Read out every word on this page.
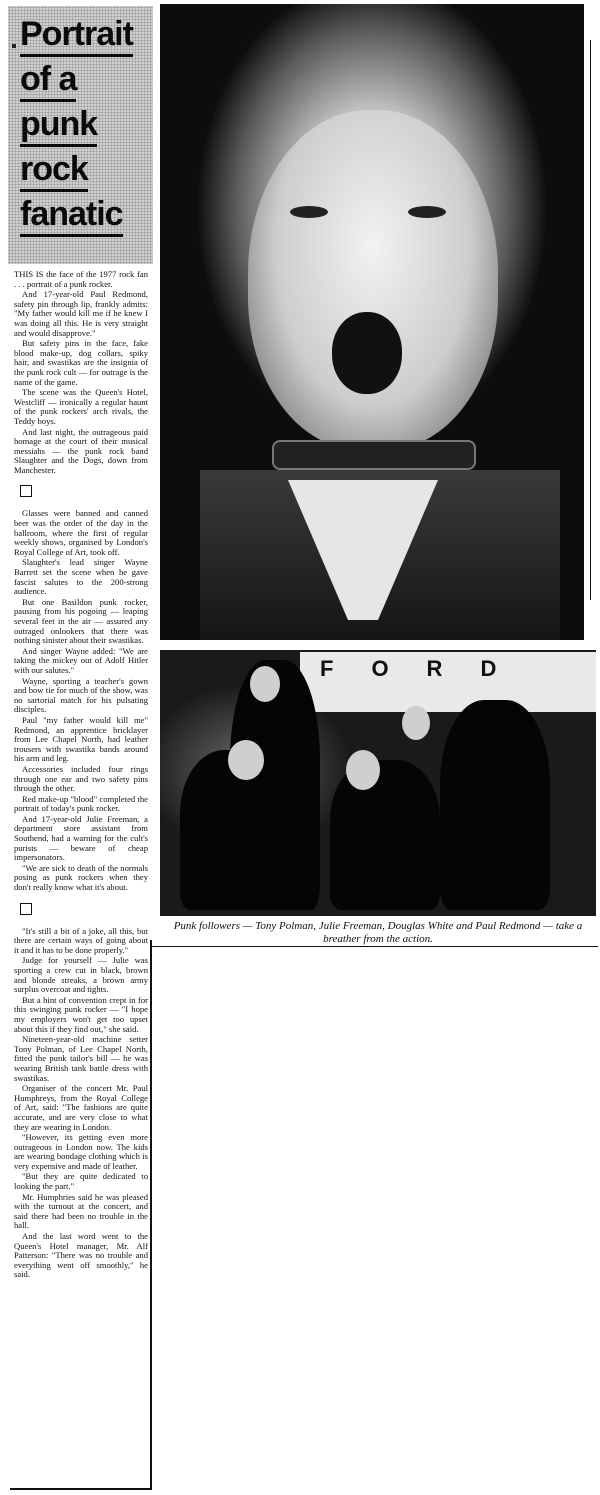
Portrait
of a
punk
rock
fanatic

THIS IS the face of the 1977 rock fan . . . portrait of a punk rocker.

And 17-year-old Paul Redmond, safety pin through lip, frankly admits: "My father would kill me if he knew I was doing all this. He is very straight and would disapprove."

But safety pins in the face, fake blood make-up, dog collars, spiky hair, and swastikas are the insignia of the punk rock cult — for outrage is the name of the game.

The scene was the Queen's Hotel, Westcliff — ironically a regular haunt of the punk rockers' arch rivals, the Teddy boys.

And last night, the outrageous paid homage at the court of their musical messiahs — the punk rock band Slaughter and the Dogs, down from Manchester.

Glasses were banned and canned beer was the order of the day in the ballroom, where the first of regular weekly shows, organised by London's Royal College of Art, took off.

Slaughter's lead singer Wayne Barrett set the scene when he gave fascist salutes to the 200-strong audience.

But one Basildon punk rocker, pausing from his pogoing — leaping several feet in the air — assured any outraged onlookers that there was nothing sinister about their swastikas.

And singer Wayne added: "We are taking the mickey out of Adolf Hitler with our salutes."

Wayne, sporting a teacher's gown and bow tie for much of the show, was no sartorial match for his pulsating disciples.

Paul "my father would kill me" Redmond, an apprentice bricklayer from Lee Chapel North, had leather trousers with swastika bands around his arm and leg.

Accessories included four rings through one ear and two safety pins through the other.

Red make-up "blood" completed the portrait of today's punk rocker.

And 17-year-old Julie Freeman, a department store assistant from Southend, had a warning for the cult's purists — beware of cheap impersonators.

"We are sick to death of the normals posing as punk rockers when they don't really know what it's about.

"It's still a bit of a joke, all this, but there are certain ways of going about it and it has to be done properly."

Judge for yourself — Julie was sporting a crew cut in black, brown and blonde streaks, a brown army surplus overcoat and tights.

But a hint of convention crept in for this swinging punk rocker — "I hope my employers won't get too upset about this if they find out," she said.

Nineteen-year-old machine setter Tony Polman, of Lee Chapel North, fitted the punk tailor's bill — he was wearing British tank battle dress with swastikas.

Organiser of the concert Mr. Paul Humphreys, from the Royal College of Art, said: "The fashions are quite accurate, and are very close to what they are wearing in London.

"However, its getting even more outrageous in London now. The kids are wearing bondage clothing which is very expensive and made of leather.

"But they are quite dedicated to looking the part."

Mr. Humphries said he was pleased with the turnout at the concert, and said there had been no trouble in the hall.

And the last word went to the Queen's Hotel manager, Mr. Alf Patterson: "There was no trouble and everything went off smoothly," he said.

FORD
Punk followers — Tony Polman, Julie Freeman, Douglas White and Paul Redmond — take a breather from the action.
